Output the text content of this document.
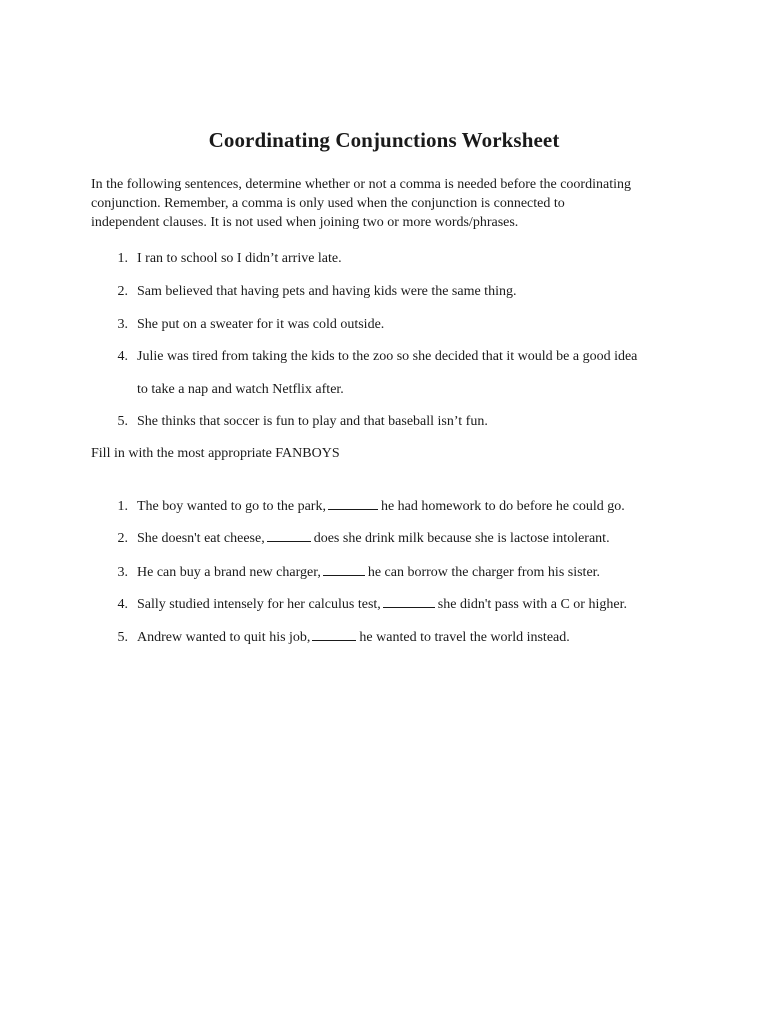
Coordinating Conjunctions Worksheet
In the following sentences, determine whether or not a comma is needed before the coordinating
conjunction. Remember, a comma is only used when the conjunction is connected to
independent clauses. It is not used when joining two or more words/phrases.
1. I ran to school so I didn’t arrive late.
2. Sam believed that having pets and having kids were the same thing.
3. She put on a sweater for it was cold outside.
4. Julie was tired from taking the kids to the zoo so she decided that it would be a good idea
to take a nap and watch Netflix after.
5. She thinks that soccer is fun to play and that baseball isn’t fun.
Fill in with the most appropriate FANBOYS
1. The boy wanted to go to the park,	he had homework to do before he could go.
2. She doesn't eat cheese,	does she drink milk because she is lactose intolerant.
3. He can buy a brand new charger,	he can borrow the charger from his sister.
4. Sally studied intensely for her calculus test,	she didn't pass with a C or higher.
5. Andrew wanted to quit his job,	he wanted to travel the world instead.
